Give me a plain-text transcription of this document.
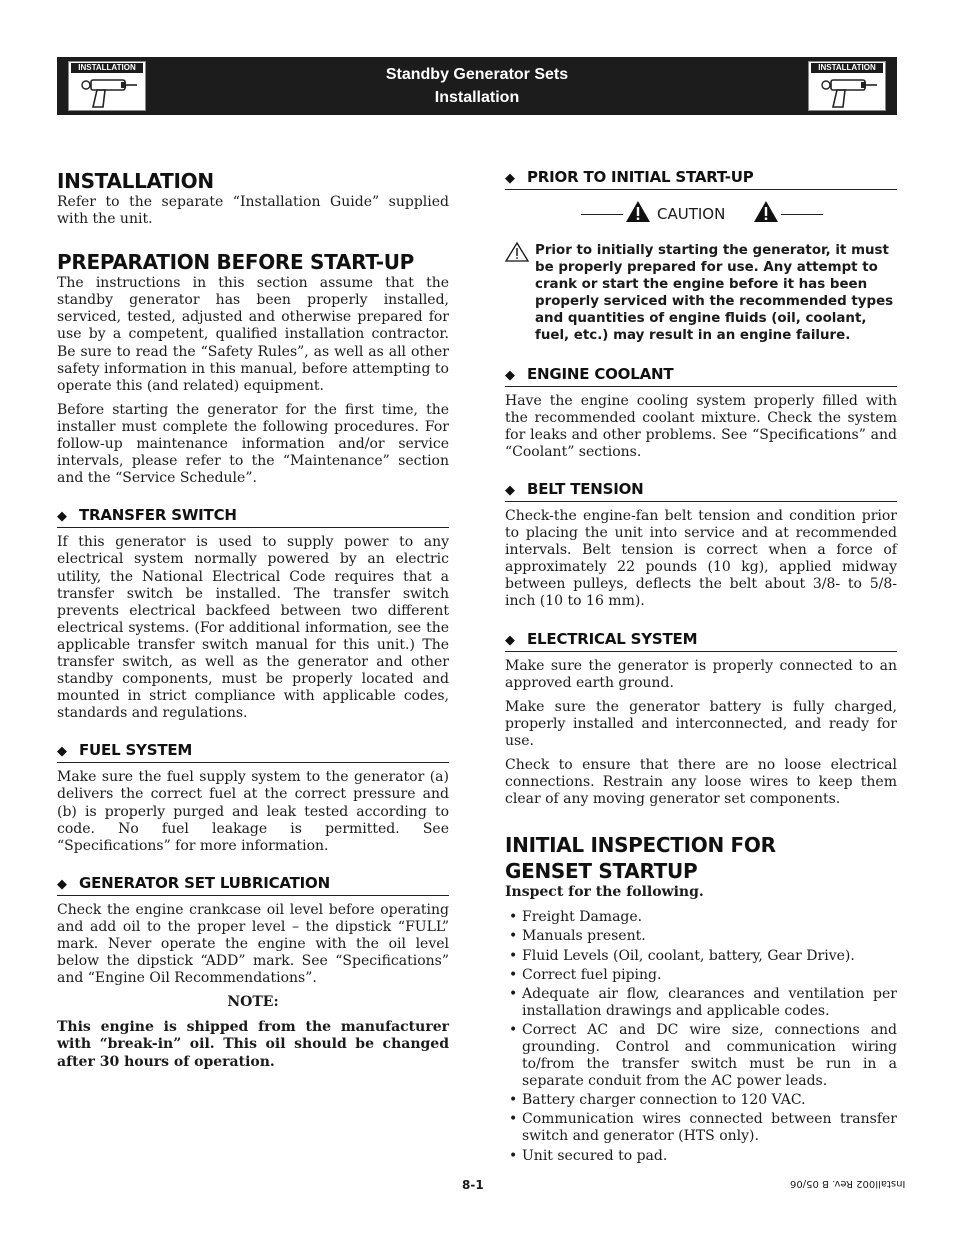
INSTALLATION	Standby Generator Sets
Installation
INSTALLATION
INSTALLATION

Refer to the separate “Installation Guide” supplied with the unit.

PREPARATION BEFORE START-UP

The instructions in this section assume that the standby generator has been properly installed, serviced, tested, adjusted and otherwise prepared for use by a competent, qualified installation contractor. Be sure to read the “Safety Rules”, as well as all other safety information in this manual, before attempting to operate this (and related) equipment.

Before starting the generator for the first time, the installer must complete the following procedures. For follow-up maintenance information and/or service intervals, please refer to the “Maintenance” section and the “Service Schedule”.

◆ TRANSFER SWITCH

If this generator is used to supply power to any electrical system normally powered by an electric utility, the National Electrical Code requires that a transfer switch be installed. The transfer switch prevents electrical backfeed between two different electrical systems. (For additional information, see the applicable transfer switch manual for this unit.) The transfer switch, as well as the generator and other standby components, must be properly located and mounted in strict compliance with applicable codes, standards and regulations.

◆ FUEL SYSTEM

Make sure the fuel supply system to the generator (a) delivers the correct fuel at the correct pressure and (b) is properly purged and leak tested according to code. No fuel leakage is permitted. See “Specifications” for more information.

◆ GENERATOR SET LUBRICATION

Check the engine crankcase oil level before operating and add oil to the proper level – the dipstick “FULL” mark. Never operate the engine with the oil level below the dipstick “ADD” mark. See “Specifications” and “Engine Oil Recommendations”.

NOTE:

This engine is shipped from the manufacturer with “break-in” oil. This oil should be changed after 30 hours of operation.

◆ PRIOR TO INITIAL START-UP
CAUTION
Prior to initially starting the generator, it must be properly prepared for use. Any attempt to crank or start the engine before it has been properly serviced with the recommended types and quantities of engine fluids (oil, coolant, fuel, etc.) may result in an engine failure.
◆ ENGINE COOLANT

Have the engine cooling system properly filled with the recommended coolant mixture. Check the system for leaks and other problems. See “Specifications” and “Coolant” sections.

◆ BELT TENSION

Check-the engine-fan belt tension and condition prior to placing the unit into service and at recommended intervals. Belt tension is correct when a force of approximately 22 pounds (10 kg), applied midway between pulleys, deflects the belt about 3/8- to 5/8-inch (10 to 16 mm).

◆ ELECTRICAL SYSTEM

Make sure the generator is properly connected to an approved earth ground.

Make sure the generator battery is fully charged, properly installed and interconnected, and ready for use.

Check to ensure that there are no loose electrical connections. Restrain any loose wires to keep them clear of any moving generator set components.

INITIAL INSPECTION FOR GENSET STARTUP

Inspect for the following.

• Freight Damage.
• Manuals present.
• Fluid Levels (Oil, coolant, battery, Gear Drive).
• Correct fuel piping.
• Adequate air flow, clearances and ventilation per installation drawings and applicable codes.
• Correct AC and DC wire size, connections and grounding. Control and communication wiring to/from the transfer switch must be run in a separate conduit from the AC power leads.
• Battery charger connection to 120 VAC.
• Communication wires connected between transfer switch and generator (HTS only).
• Unit secured to pad.
8-1	Install002 Rev. B 05/06
